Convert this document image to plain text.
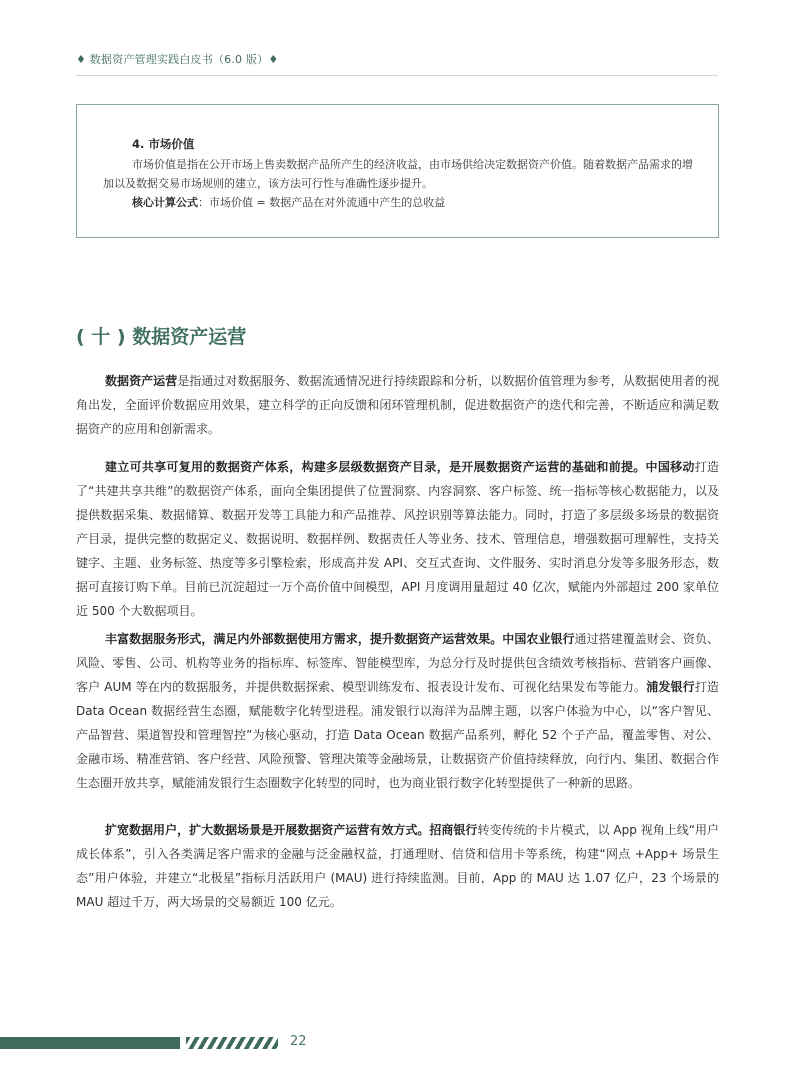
♦ 数据资产管理实践白皮书（6.0 版）♦
4. 市场价值
市场价值是指在公开市场上售卖数据产品所产生的经济收益，由市场供给决定数据资产价值。随着数据产品需求的增加以及数据交易市场规则的建立，该方法可行性与准确性逐步提升。
核心计算公式：市场价值 = 数据产品在对外流通中产生的总收益
( 十 ) 数据资产运营
数据资产运营是指通过对数据服务、数据流通情况进行持续跟踪和分析，以数据价值管理为参考，从数据使用者的视角出发，全面评价数据应用效果，建立科学的正向反馈和闭环管理机制，促进数据资产的迭代和完善，不断适应和满足数据资产的应用和创新需求。
建立可共享可复用的数据资产体系，构建多层级数据资产目录，是开展数据资产运营的基础和前提。中国移动打造了“共建共享共维”的数据资产体系，面向全集团提供了位置洞察、内容洞察、客户标签、统一指标等核心数据能力，以及提供数据采集、数据储算、数据开发等工具能力和产品推荐、风控识别等算法能力。同时，打造了多层级多场景的数据资产目录，提供完整的数据定义、数据说明、数据样例、数据责任人等业务、技术、管理信息，增强数据可理解性，支持关键字、主题、业务标签、热度等多引擎检索，形成高并发 API、交互式查询、文件服务、实时消息分发等多服务形态，数据可直接订购下单。目前已沉淀超过一万个高价值中间模型，API 月度调用量超过 40 亿次，赋能内外部超过 200 家单位近 500 个大数据项目。
丰富数据服务形式，满足内外部数据使用方需求，提升数据资产运营效果。中国农业银行通过搭建覆盖财会、资负、风险、零售、公司、机构等业务的指标库、标签库、智能模型库，为总分行及时提供包含绩效考核指标、营销客户画像、客户 AUM 等在内的数据服务，并提供数据探索、模型训练发布、报表设计发布、可视化结果发布等能力。浦发银行打造 Data Ocean 数据经营生态圈，赋能数字化转型进程。浦发银行以海洋为品牌主题，以客户体验为中心，以“客户智见、产品智营、渠道智投和管理智控”为核心驱动，打造 Data Ocean 数据产品系列，孵化 52 个子产品，覆盖零售、对公、金融市场、精准营销、客户经营、风险预警、管理决策等金融场景，让数据资产价值持续释放，向行内、集团、数据合作生态圈开放共享，赋能浦发银行生态圈数字化转型的同时，也为商业银行数字化转型提供了一种新的思路。
扩宽数据用户，扩大数据场景是开展数据资产运营有效方式。招商银行转变传统的卡片模式，以 App 视角上线“用户成长体系”，引入各类满足客户需求的金融与泛金融权益，打通理财、信贷和信用卡等系统，构建“网点 +App+ 场景生态”用户体验，并建立“北极星”指标月活跃用户 (MAU) 进行持续监测。目前，App 的 MAU 达 1.07 亿户，23 个场景的 MAU 超过千万，两大场景的交易额近 100 亿元。
22
